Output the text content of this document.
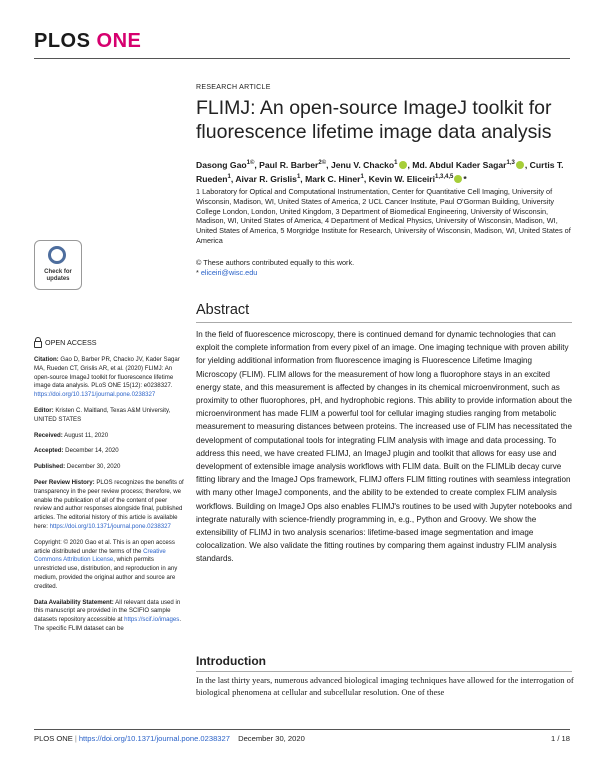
PLOS ONE
Check for
updates
RESEARCH ARTICLE
FLIMJ: An open-source ImageJ toolkit for fluorescence lifetime image data analysis
Dasong Gao$^{1©}$, Paul R. Barber$^{2©}$, Jenu V. Chacko$^1$ , Md. Abdul Kader Sagar$^{1,3}$ , Curtis T. Rueden$^1$, Aivar R. Grislis$^1$, Mark C. Hiner$^1$, Kevin W. Eliceiri$^{1,3,4,5}$ *
1 Laboratory for Optical and Computational Instrumentation, Center for Quantitative Cell Imaging, University of Wisconsin, Madison, WI, United States of America, 2 UCL Cancer Institute, Paul O'Gorman Building, University College London, London, United Kingdom, 3 Department of Biomedical Engineering, University of Wisconsin, Madison, WI, United States of America, 4 Department of Medical Physics, University of Wisconsin, Madison, WI, United States of America, 5 Morgridge Institute for Research, University of Wisconsin, Madison, WI, United States of America
© These authors contributed equally to this work.
* eliceiri@wisc.edu
OPEN ACCESS

Citation: Gao D, Barber PR, Chacko JV, Kader Sagar MA, Rueden CT, Grislis AR, et al. (2020) FLIMJ: An open-source ImageJ toolkit for fluorescence lifetime image data analysis. PLoS ONE 15(12): e0238327. https://doi.org/10.1371/journal.pone.0238327

Editor: Kristen C. Maitland, Texas A&M University, UNITED STATES

Received: August 11, 2020

Accepted: December 14, 2020

Published: December 30, 2020

Peer Review History: PLOS recognizes the benefits of transparency in the peer review process; therefore, we enable the publication of all of the content of peer review and author responses alongside final, published articles. The editorial history of this article is available here: https://doi.org/10.1371/journal.pone.0238327

Copyright: © 2020 Gao et al. This is an open access article distributed under the terms of the Creative Commons Attribution License, which permits unrestricted use, distribution, and reproduction in any medium, provided the original author and source are credited.

Data Availability Statement: All relevant data used in this manuscript are provided in the SCIFIO sample datasets repository accessible at https://scif.io/images. The specific FLIM dataset can be

Abstract
In the field of fluorescence microscopy, there is continued demand for dynamic technologies that can exploit the complete information from every pixel of an image. One imaging technique with proven ability for yielding additional information from fluorescence imaging is Fluorescence Lifetime Imaging Microscopy (FLIM). FLIM allows for the measurement of how long a fluorophore stays in an excited energy state, and this measurement is affected by changes in its chemical microenvironment, such as proximity to other fluorophores, pH, and hydrophobic regions. This ability to provide information about the microenvironment has made FLIM a powerful tool for cellular imaging studies ranging from metabolic measurement to measuring distances between proteins. The increased use of FLIM has necessitated the development of computational tools for integrating FLIM analysis with image and data processing. To address this need, we have created FLIMJ, an ImageJ plugin and toolkit that allows for easy use and development of extensible image analysis workflows with FLIM data. Built on the FLIMLib decay curve fitting library and the ImageJ Ops framework, FLIMJ offers FLIM fitting routines with seamless integration with many other ImageJ components, and the ability to be extended to create complex FLIM analysis workflows. Building on ImageJ Ops also enables FLIMJ's routines to be used with Jupyter notebooks and integrate naturally with science-friendly programming in, e.g., Python and Groovy. We show the extensibility of FLIMJ in two analysis scenarios: lifetime-based image segmentation and image colocalization. We also validate the fitting routines by comparing them against industry FLIM analysis standards.
Introduction
In the last thirty years, numerous advanced biological imaging techniques have allowed for the interrogation of biological phenomena at cellular and subcellular resolution. One of these
PLOS ONE | https://doi.org/10.1371/journal.pone.0238327 December 30, 2020	1 / 18
